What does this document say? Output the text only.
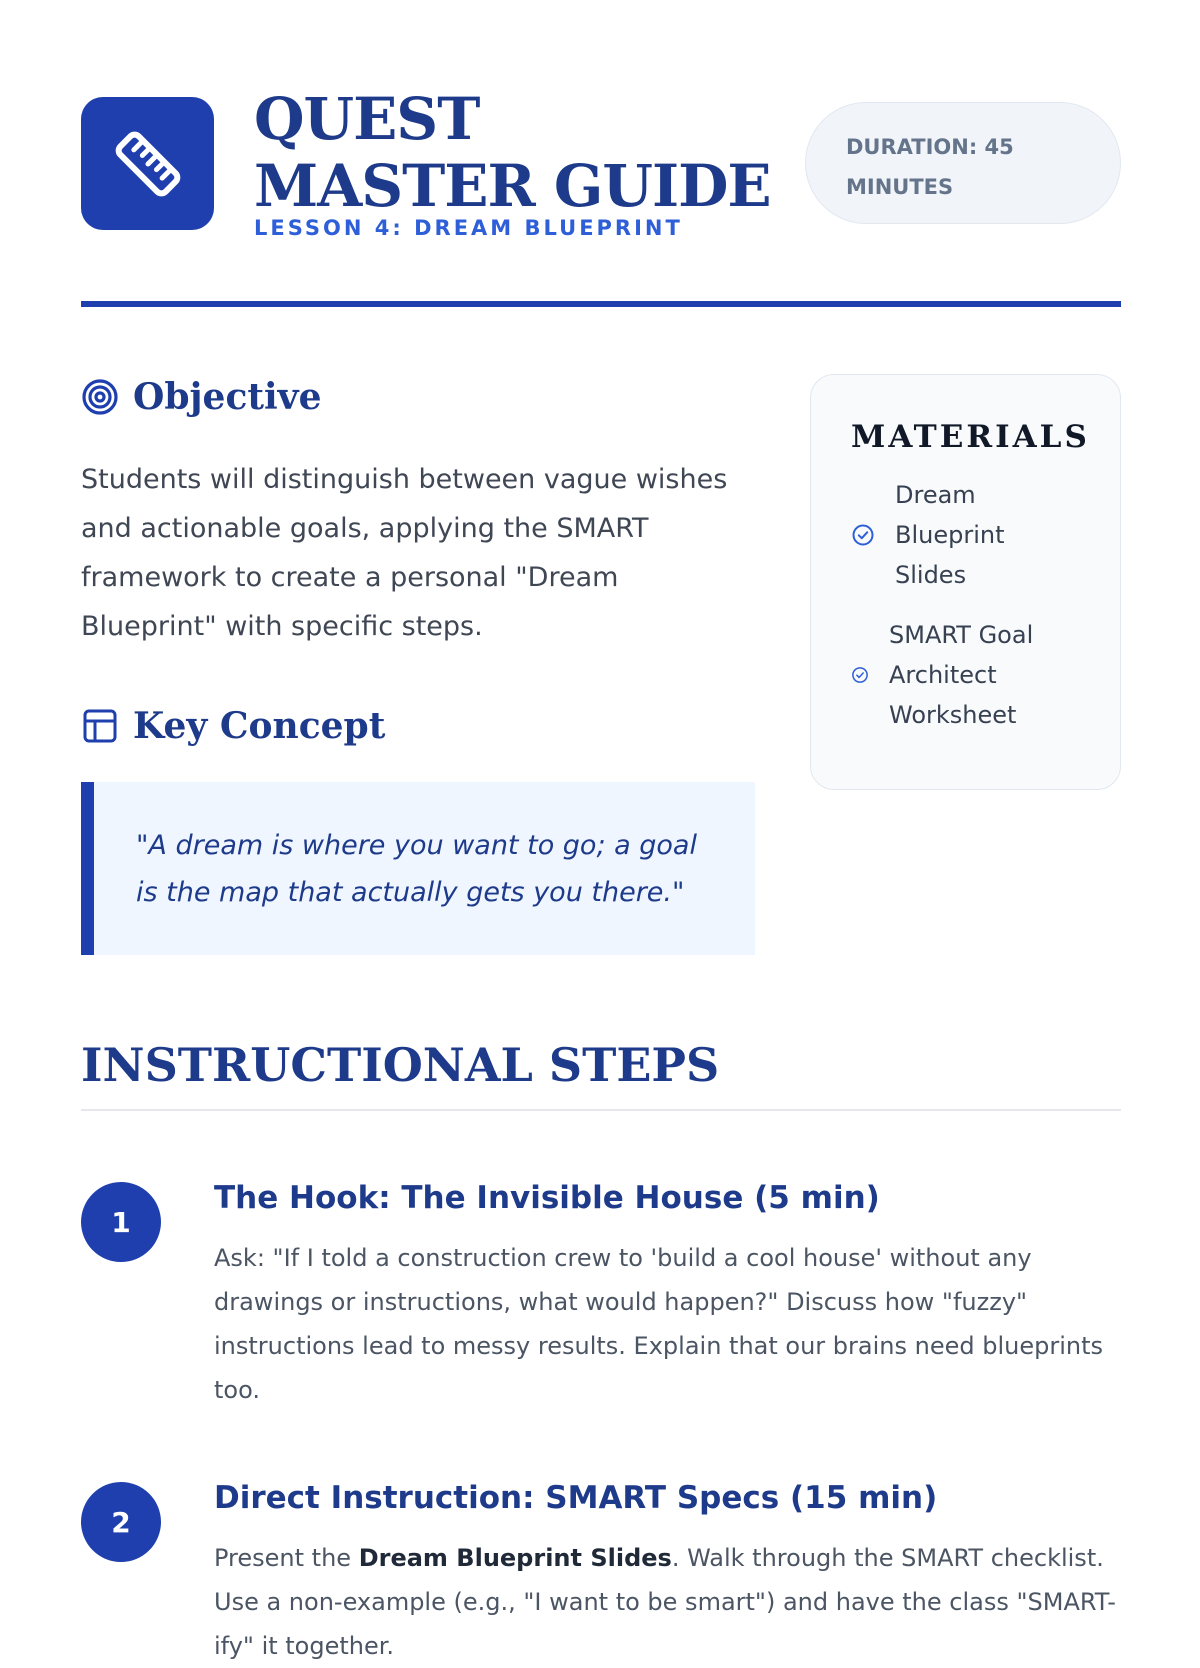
QUEST MASTER GUIDE
LESSON 4: DREAM BLUEPRINT
DURATION: 45 MINUTES
Objective

Students will distinguish between vague wishes and actionable goals, applying the SMART framework to create a personal "Dream Blueprint" with specific steps.

Key Concept
"A dream is where you want to go; a goal is the map that actually gets you there."
MATERIALS
Dream Blueprint Slides
SMART Goal Architect Worksheet
INSTRUCTIONAL STEPS
1
The Hook: The Invisible House (5 min)

Ask: "If I told a construction crew to 'build a cool house' without any drawings or instructions, what would happen?" Discuss how "fuzzy" instructions lead to messy results. Explain that our brains need blueprints too.

2
Direct Instruction: SMART Specs (15 min)

Present the Dream Blueprint Slides. Walk through the SMART checklist. Use a non-example (e.g., "I want to be smart") and have the class "SMART-ify" it together.
